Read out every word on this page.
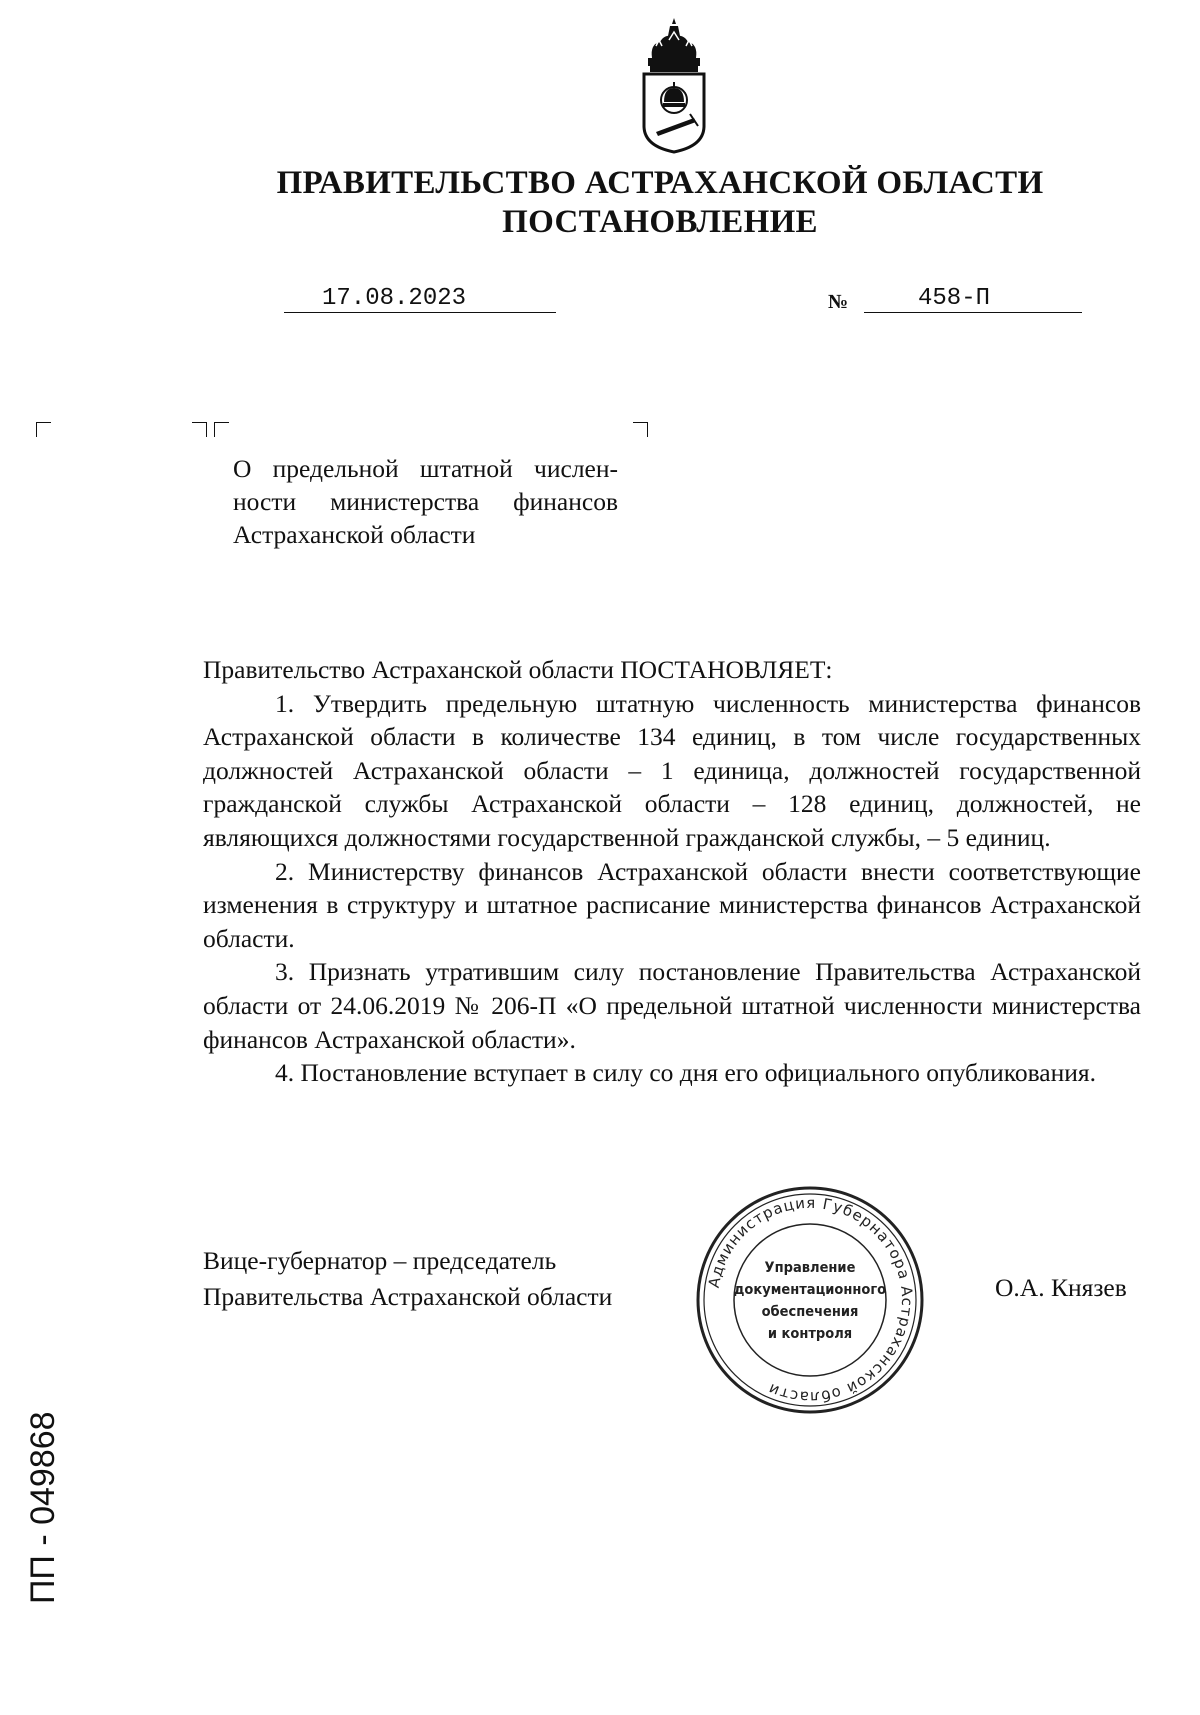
ПРАВИТЕЛЬСТВО АСТРАХАНСКОЙ ОБЛАСТИ
ПОСТАНОВЛЕНИЕ
17.08.2023	№	458-П
О предельной штатной числен-
ности министерства финансов
Астраханской области

Правительство Астраханской области ПОСТАНОВЛЯЕТ:

1. Утвердить предельную штатную численность министерства финансов Астраханской области в количестве 134 единиц, в том числе государственных должностей Астраханской области – 1 единица, должностей государственной гражданской службы Астраханской области – 128 единиц, должностей, не являющихся должностями государственной гражданской службы, – 5 единиц.

2. Министерству финансов Астраханской области внести соответствующие изменения в структуру и штатное расписание министерства финансов Астраханской области.

3. Признать утратившим силу постановление Правительства Астраханской области от 24.06.2019 № 206-П «О предельной штатной численности министерства финансов Астраханской области».

4. Постановление вступает в силу со дня его официального опубликования.

Вице-губернатор – председатель
Правительства Астраханской области	О.А. Князев
Администрация Губернатора Астраханской области
Управление
документационного
обеспечения
и контроля
ПП - 049868
